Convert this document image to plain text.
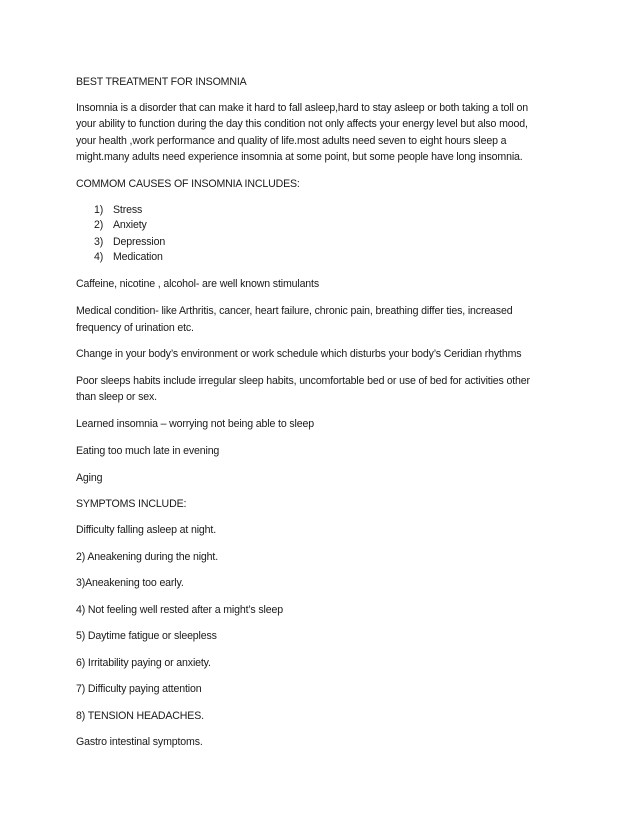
BEST TREATMENT FOR INSOMNIA
Insomnia is a disorder that can make it hard to fall asleep,hard to stay asleep or both taking a toll on
your ability to function during the day this condition not only affects your energy level but also mood,
your health ,work performance and quality of life.most adults need seven to eight hours sleep a
might.many adults need experience insomnia at some point, but some people have long insomnia.
COMMOM CAUSES OF INSOMNIA INCLUDES:
1) Stress
2) Anxiety
3) Depression
4) Medication
Caffeine, nicotine , alcohol- are well known stimulants
Medical condition- like Arthritis, cancer, heart failure, chronic pain, breathing differ ties, increased
frequency of urination etc.
Change in your body’s environment or work schedule which disturbs your body’s Ceridian rhythms
Poor sleeps habits include irregular sleep habits, uncomfortable bed or use of bed for activities other
than sleep or sex.
Learned insomnia – worrying not being able to sleep
Eating too much late in evening
Aging
SYMPTOMS INCLUDE:
Difficulty falling asleep at night.
2) Aneakening during the night.
3)Aneakening too early.
4) Not feeling well rested after a might’s sleep
5) Daytime fatigue or sleepless
6) Irritability paying or anxiety.
7) Difficulty paying attention
8) TENSION HEADACHES.
Gastro intestinal symptoms.
